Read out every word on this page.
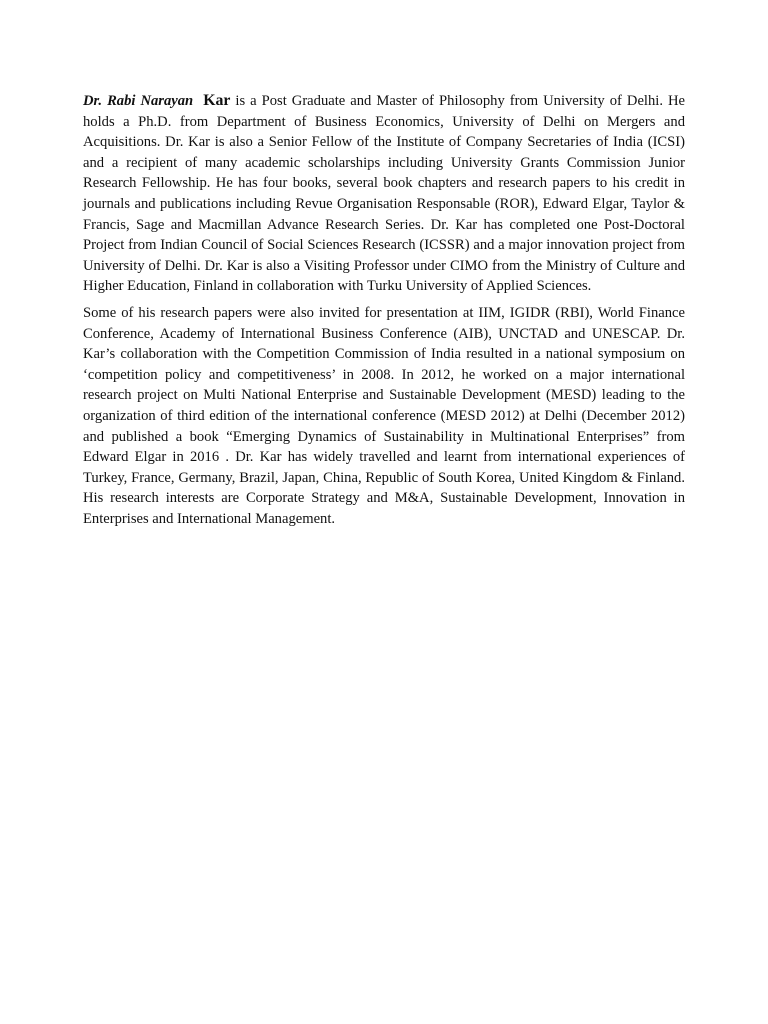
Dr. Rabi Narayan Kar is a Post Graduate and Master of Philosophy from University of Delhi. He holds a Ph.D. from Department of Business Economics, University of Delhi on Mergers and Acquisitions. Dr. Kar is also a Senior Fellow of the Institute of Company Secretaries of India (ICSI) and a recipient of many academic scholarships including University Grants Commission Junior Research Fellowship. He has four books, several book chapters and research papers to his credit in journals and publications including Revue Organisation Responsable (ROR), Edward Elgar, Taylor & Francis, Sage and Macmillan Advance Research Series. Dr. Kar has completed one Post-Doctoral Project from Indian Council of Social Sciences Research (ICSSR) and a major innovation project from University of Delhi. Dr. Kar is also a Visiting Professor under CIMO from the Ministry of Culture and Higher Education, Finland in collaboration with Turku University of Applied Sciences.

Some of his research papers were also invited for presentation at IIM, IGIDR (RBI), World Finance Conference, Academy of International Business Conference (AIB), UNCTAD and UNESCAP. Dr. Kar’s collaboration with the Competition Commission of India resulted in a national symposium on ‘competition policy and competitiveness’ in 2008. In 2012, he worked on a major international research project on Multi National Enterprise and Sustainable Development (MESD) leading to the organization of third edition of the international conference (MESD 2012) at Delhi (December 2012) and published a book “Emerging Dynamics of Sustainability in Multinational Enterprises” from Edward Elgar in 2016 . Dr. Kar has widely travelled and learnt from international experiences of Turkey, France, Germany, Brazil, Japan, China, Republic of South Korea, United Kingdom & Finland. His research interests are Corporate Strategy and M&A, Sustainable Development, Innovation in Enterprises and International Management.
